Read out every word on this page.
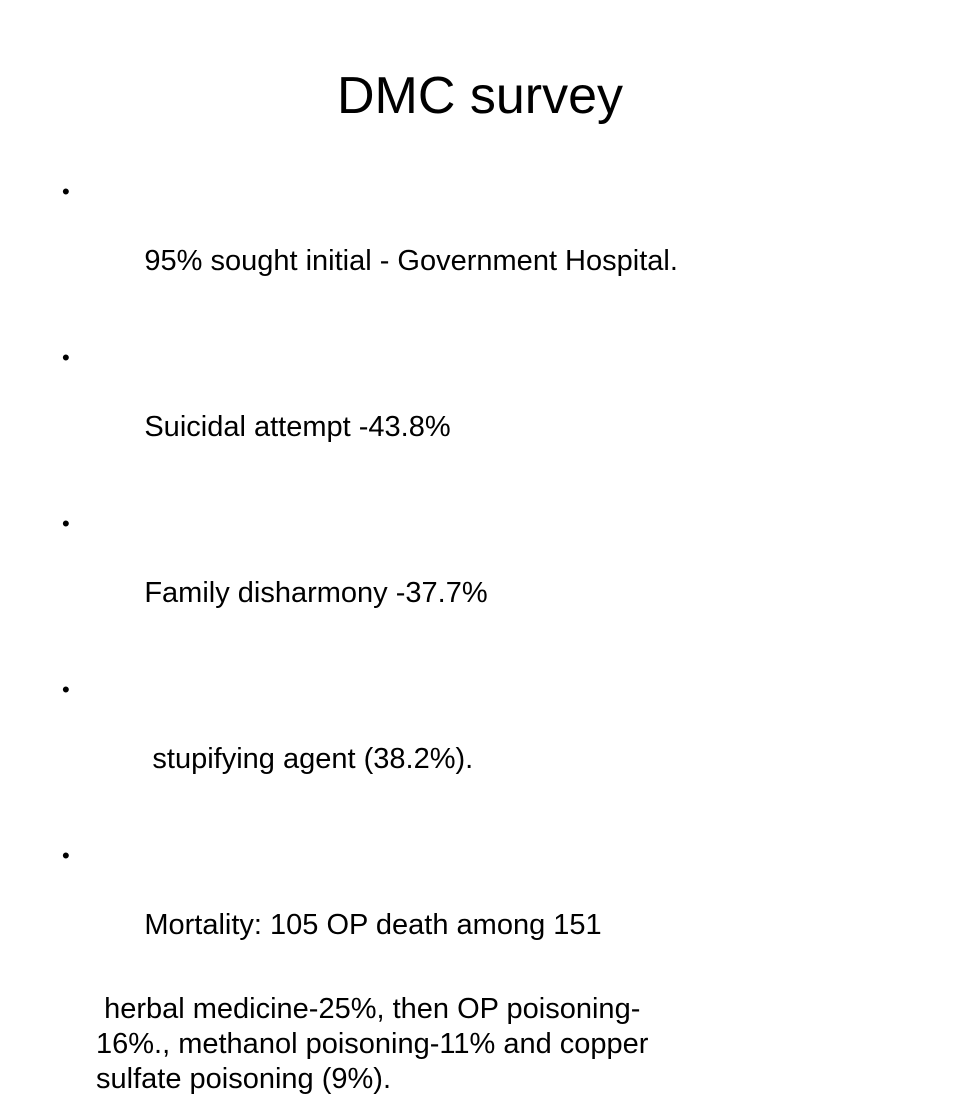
DMC survey

•

95% sought initial - Government Hospital.

•

Suicidal attempt -43.8%

•

Family disharmony -37.7%

•

stupifying agent (38.2%).

•

Mortality: 105 OP death among 151

herbal medicine-25%, then OP poisoning-
16%., methanol poisoning-11% and copper
sulfate poisoning (9%).
